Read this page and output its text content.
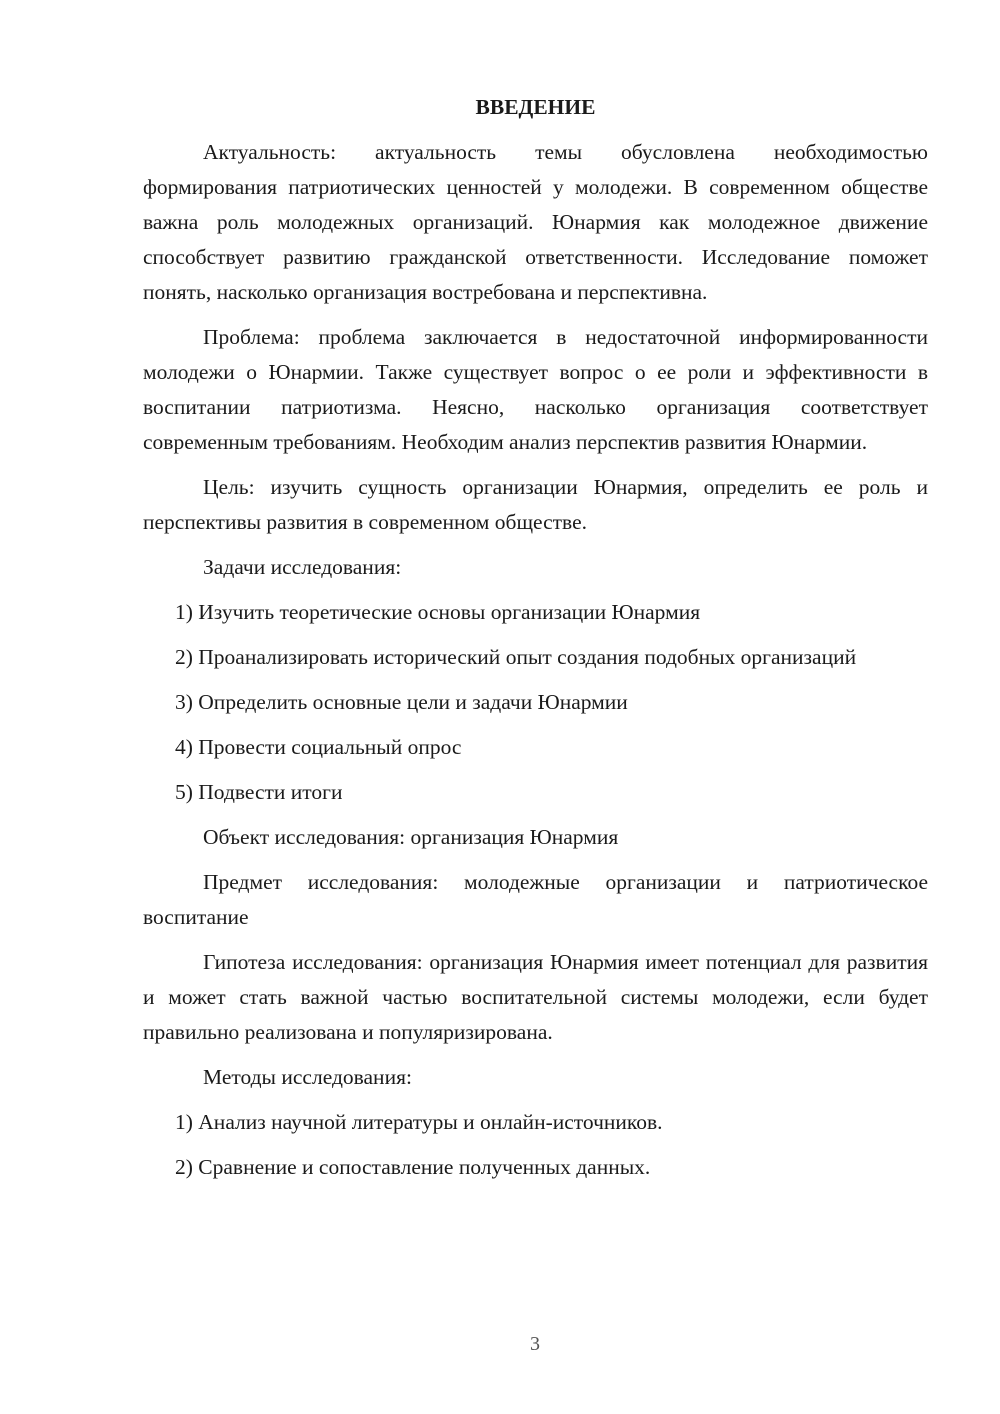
ВВЕДЕНИЕ

Актуальность: актуальность темы обусловлена необходимостью формирования патриотических ценностей у молодежи. В современном обществе важна роль молодежных организаций. Юнармия как молодежное движение способствует развитию гражданской ответственности. Исследование поможет понять, насколько организация востребована и перспективна.

Проблема: проблема заключается в недостаточной информированности молодежи о Юнармии. Также существует вопрос о ее роли и эффективности в воспитании патриотизма. Неясно, насколько организация соответствует современным требованиям. Необходим анализ перспектив развития Юнармии.

Цель: изучить сущность организации Юнармия, определить ее роль и перспективы развития в современном обществе.

Задачи исследования:

1) Изучить теоретические основы организации Юнармия

2) Проанализировать исторический опыт создания подобных организаций

3) Определить основные цели и задачи Юнармии

4) Провести социальный опрос

5) Подвести итоги

Объект исследования: организация Юнармия

Предмет исследования: молодежные организации и патриотическое воспитание

Гипотеза исследования: организация Юнармия имеет потенциал для развития и может стать важной частью воспитательной системы молодежи, если будет правильно реализована и популяризирована.

Методы исследования:

1) Анализ научной литературы и онлайн-источников.

2) Сравнение и сопоставление полученных данных.

3
